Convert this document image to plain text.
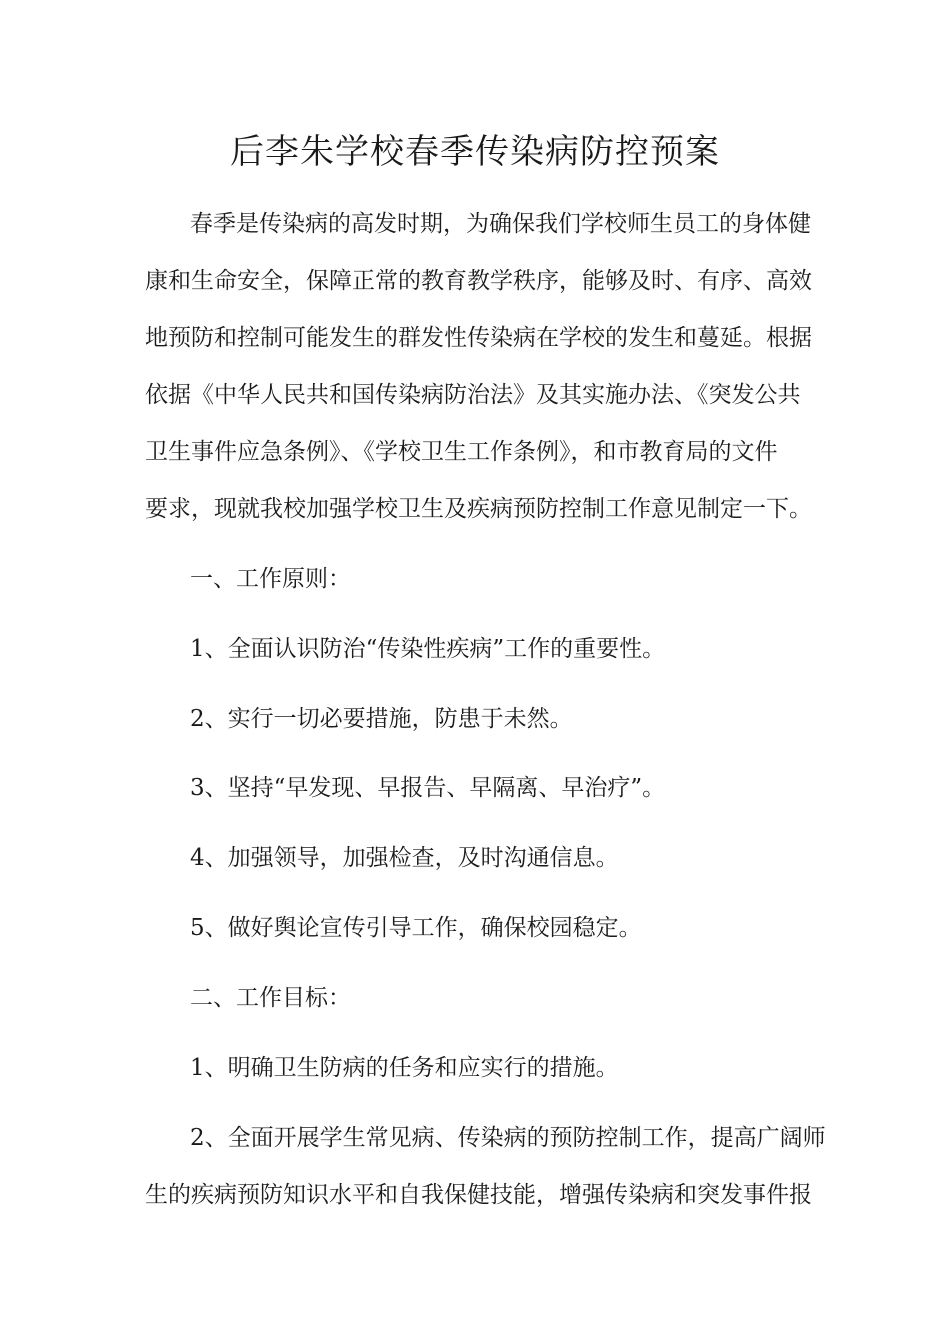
后李朱学校春季传染病防控预案
春季是传染病的高发时期，为确保我们学校师生员工的身体健
康和生命安全，保障正常的教育教学秩序，能够及时、有序、高效
地预防和控制可能发生的群发性传染病在学校的发生和蔓延。根据
依据《中华人民共和国传染病防治法》及其实施办法、《突发公共
卫生事件应急条例》、《学校卫生工作条例》，和市教育局的文件
要求，现就我校加强学校卫生及疾病预防控制工作意见制定一下。
一、工作原则：
1、全面认识防治“传染性疾病”工作的重要性。
2、实行一切必要措施，防患于未然。
3、坚持“早发现、早报告、早隔离、早治疗”。
4、加强领导，加强检查，及时沟通信息。
5、做好舆论宣传引导工作，确保校园稳定。
二、工作目标：
1、明确卫生防病的任务和应实行的措施。
2、全面开展学生常见病、传染病的预防控制工作，提高广阔师
生的疾病预防知识水平和自我保健技能，增强传染病和突发事件报
